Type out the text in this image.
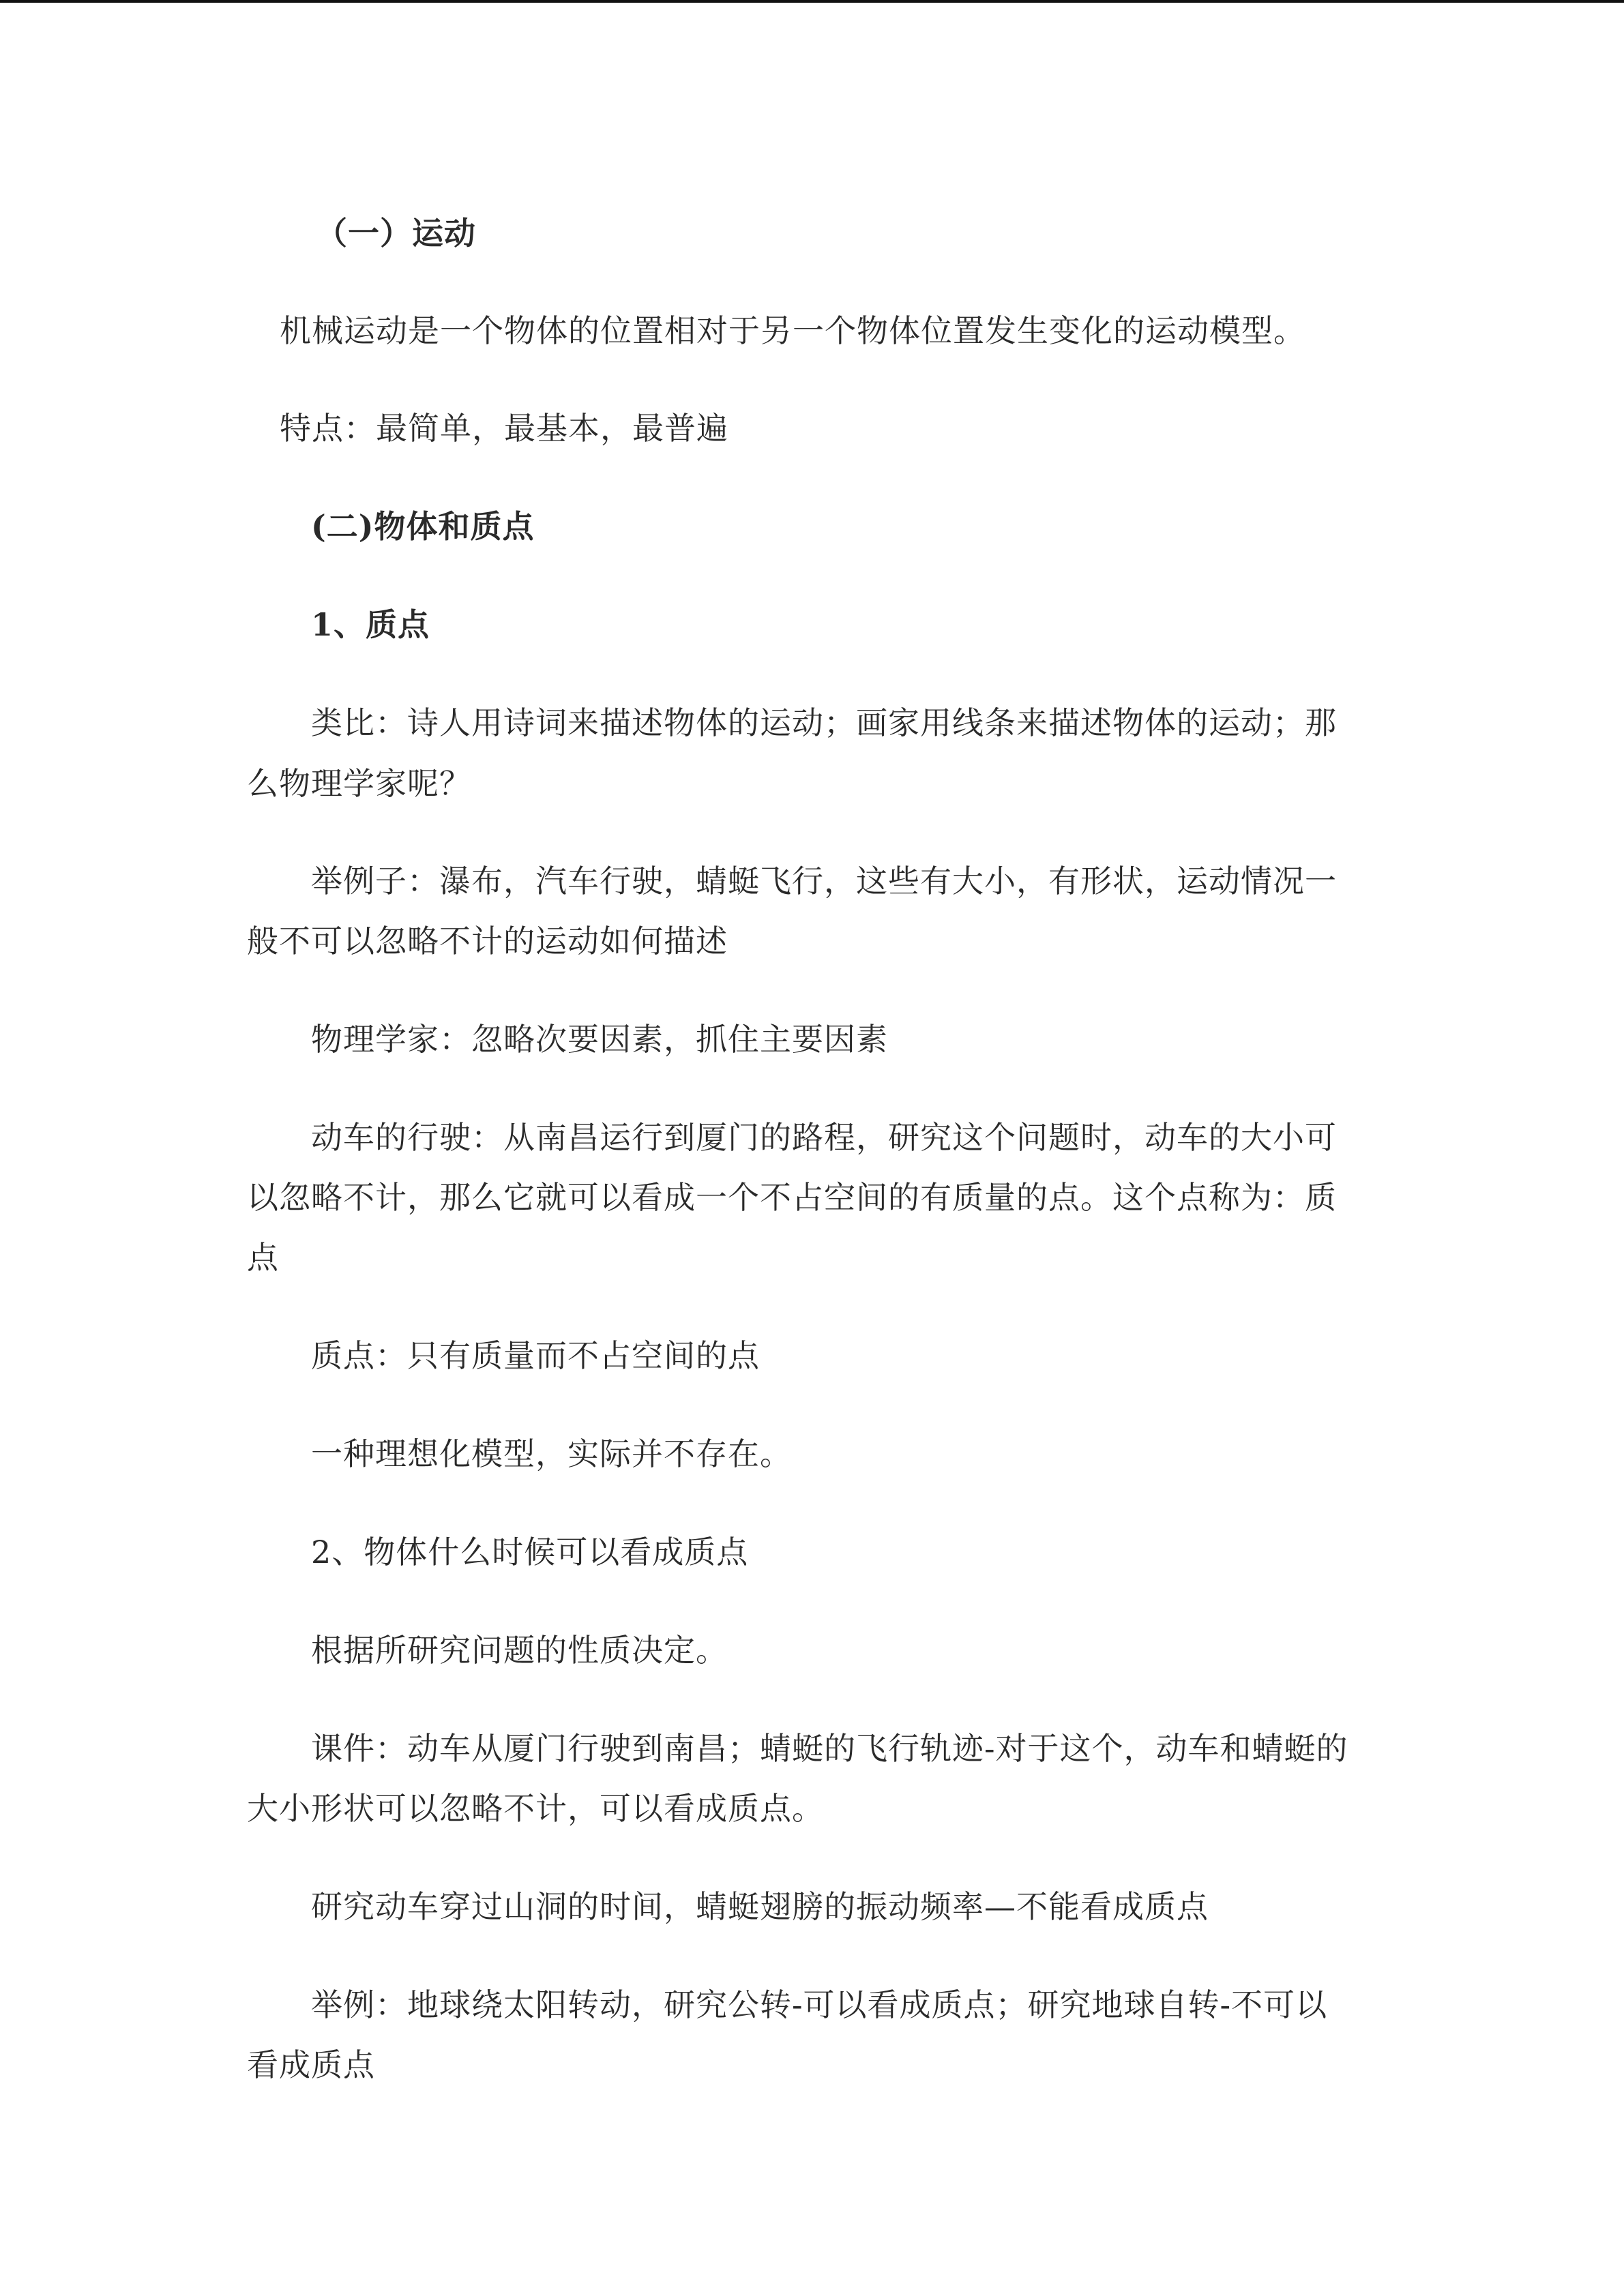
（一）运动

机械运动是一个物体的位置相对于另一个物体位置发生变化的运动模型。

特点：最简单，最基本，最普遍

(二)物体和质点

1、质点

类比：诗人用诗词来描述物体的运动；画家用线条来描述物体的运动；那

么物理学家呢？

举例子：瀑布，汽车行驶，蜻蜓飞行，这些有大小，有形状，运动情况一

般不可以忽略不计的运动如何描述

物理学家：忽略次要因素，抓住主要因素

动车的行驶：从南昌运行到厦门的路程，研究这个问题时，动车的大小可

以忽略不计，那么它就可以看成一个不占空间的有质量的点。这个点称为：质

点

质点：只有质量而不占空间的点

一种理想化模型，实际并不存在。

2、物体什么时候可以看成质点

根据所研究问题的性质决定。

课件：动车从厦门行驶到南昌；蜻蜓的飞行轨迹-对于这个，动车和蜻蜓的

大小形状可以忽略不计，可以看成质点。

研究动车穿过山洞的时间，蜻蜓翅膀的振动频率—不能看成质点

举例：地球绕太阳转动，研究公转-可以看成质点；研究地球自转-不可以

看成质点
